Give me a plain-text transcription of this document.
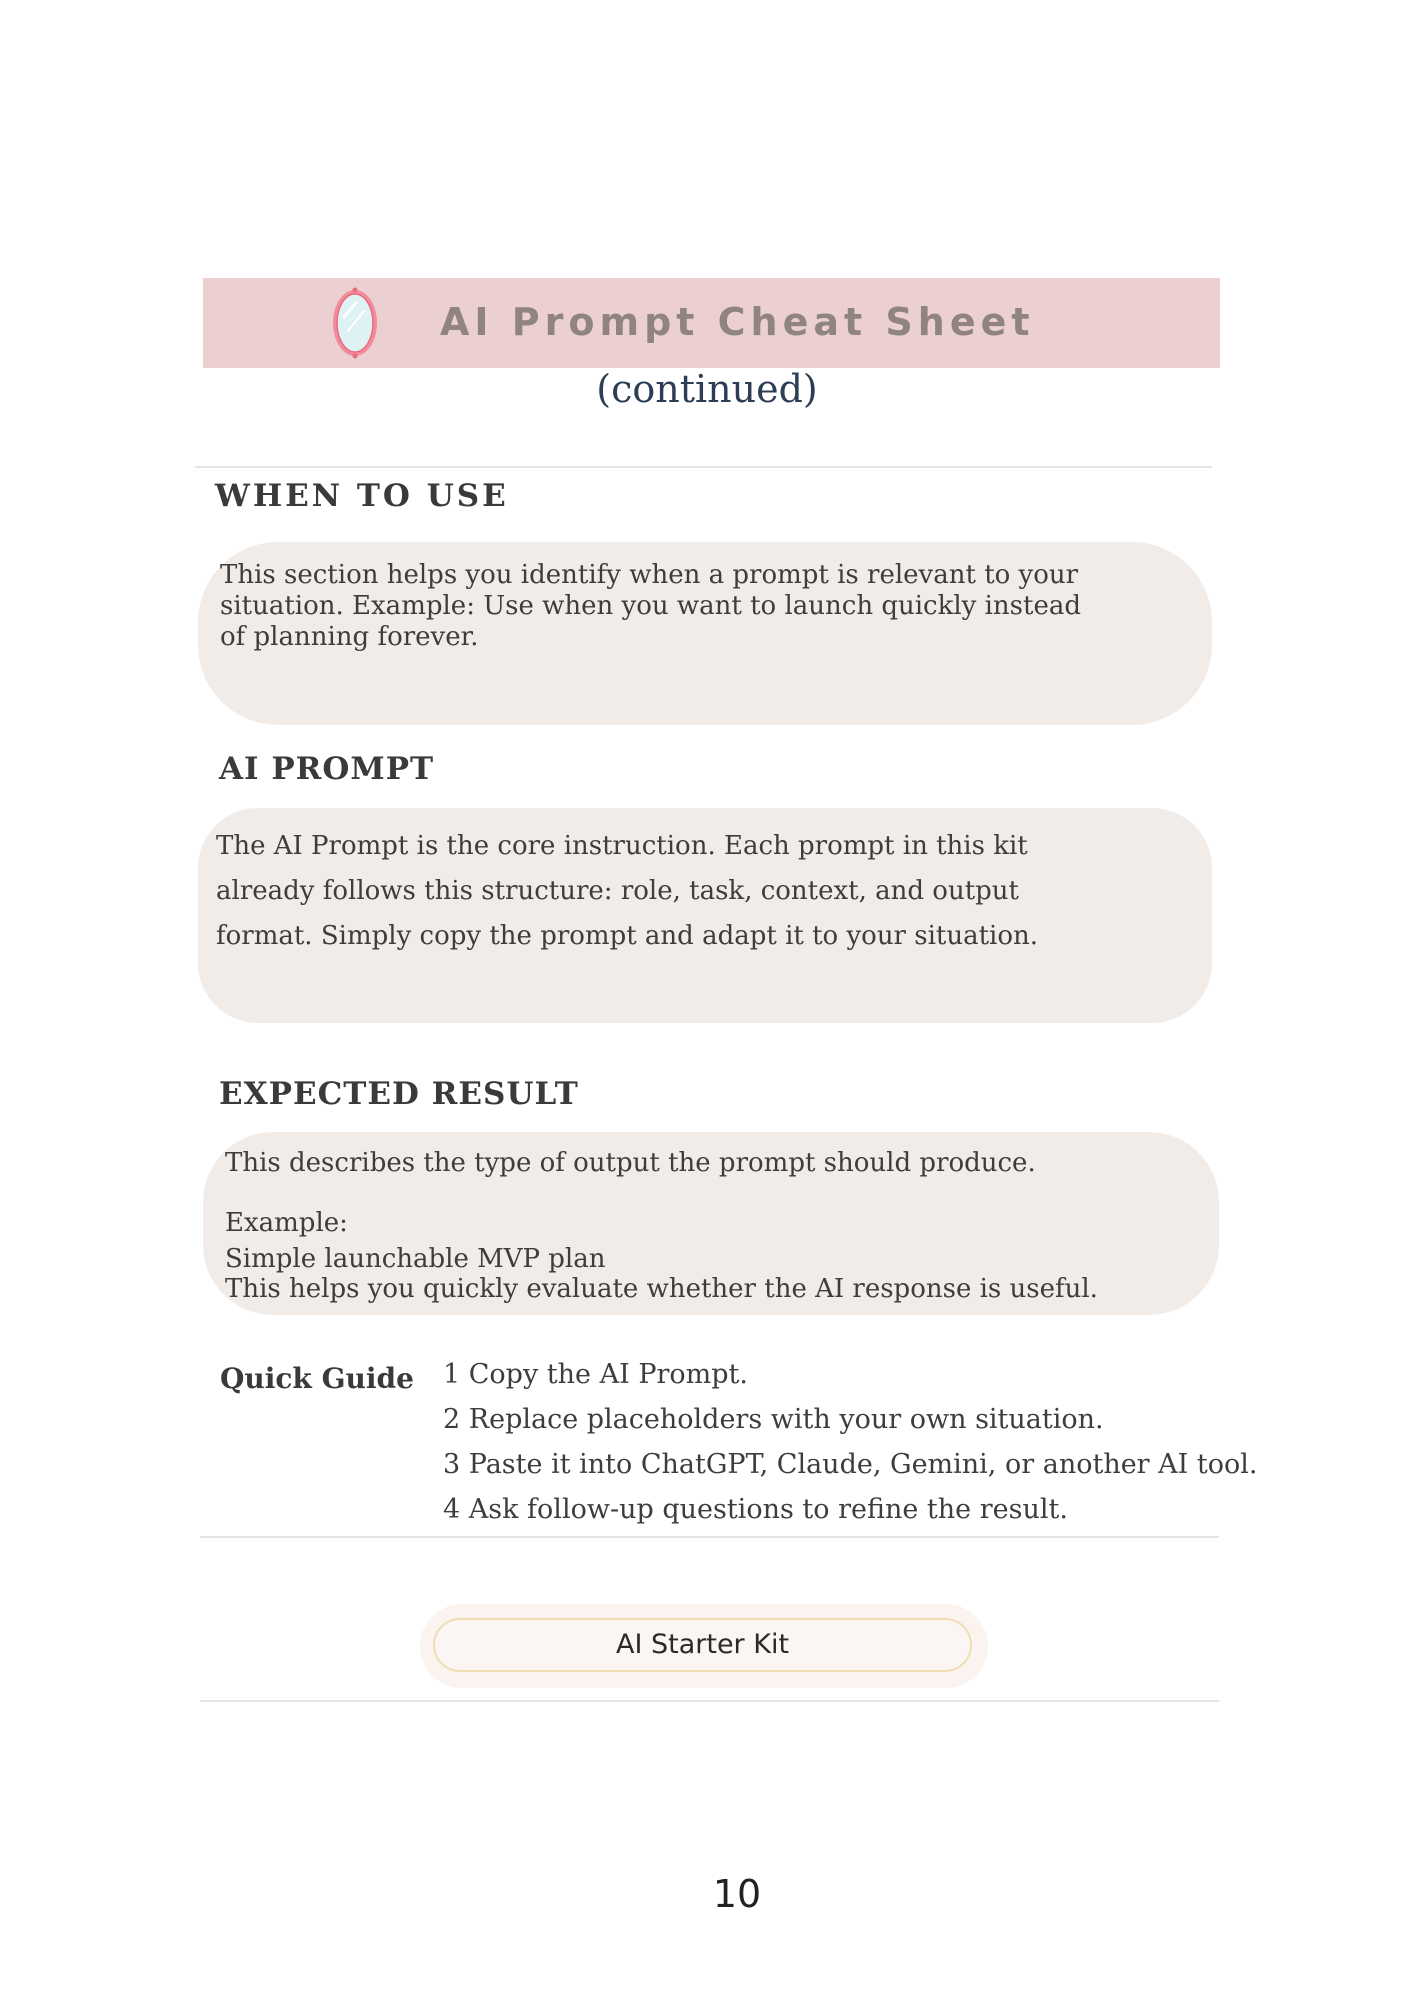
AI Prompt Cheat Sheet
(continued)
WHEN TO USE
This section helps you identify when a prompt is relevant to your
situation. Example: Use when you want to launch quickly instead
of planning forever.
AI PROMPT
The AI Prompt is the core instruction. Each prompt in this kit
already follows this structure: role, task, context, and output
format. Simply copy the prompt and adapt it to your situation.
EXPECTED RESULT
This describes the type of output the prompt should produce.
Example:
Simple launchable MVP plan
This helps you quickly evaluate whether the AI response is useful.
Quick Guide 1 Copy the AI Prompt.
2 Replace placeholders with your own situation.
3 Paste it into ChatGPT, Claude, Gemini, or another AI tool.
4 Ask follow-up questions to refine the result.
AI Starter Kit
10
